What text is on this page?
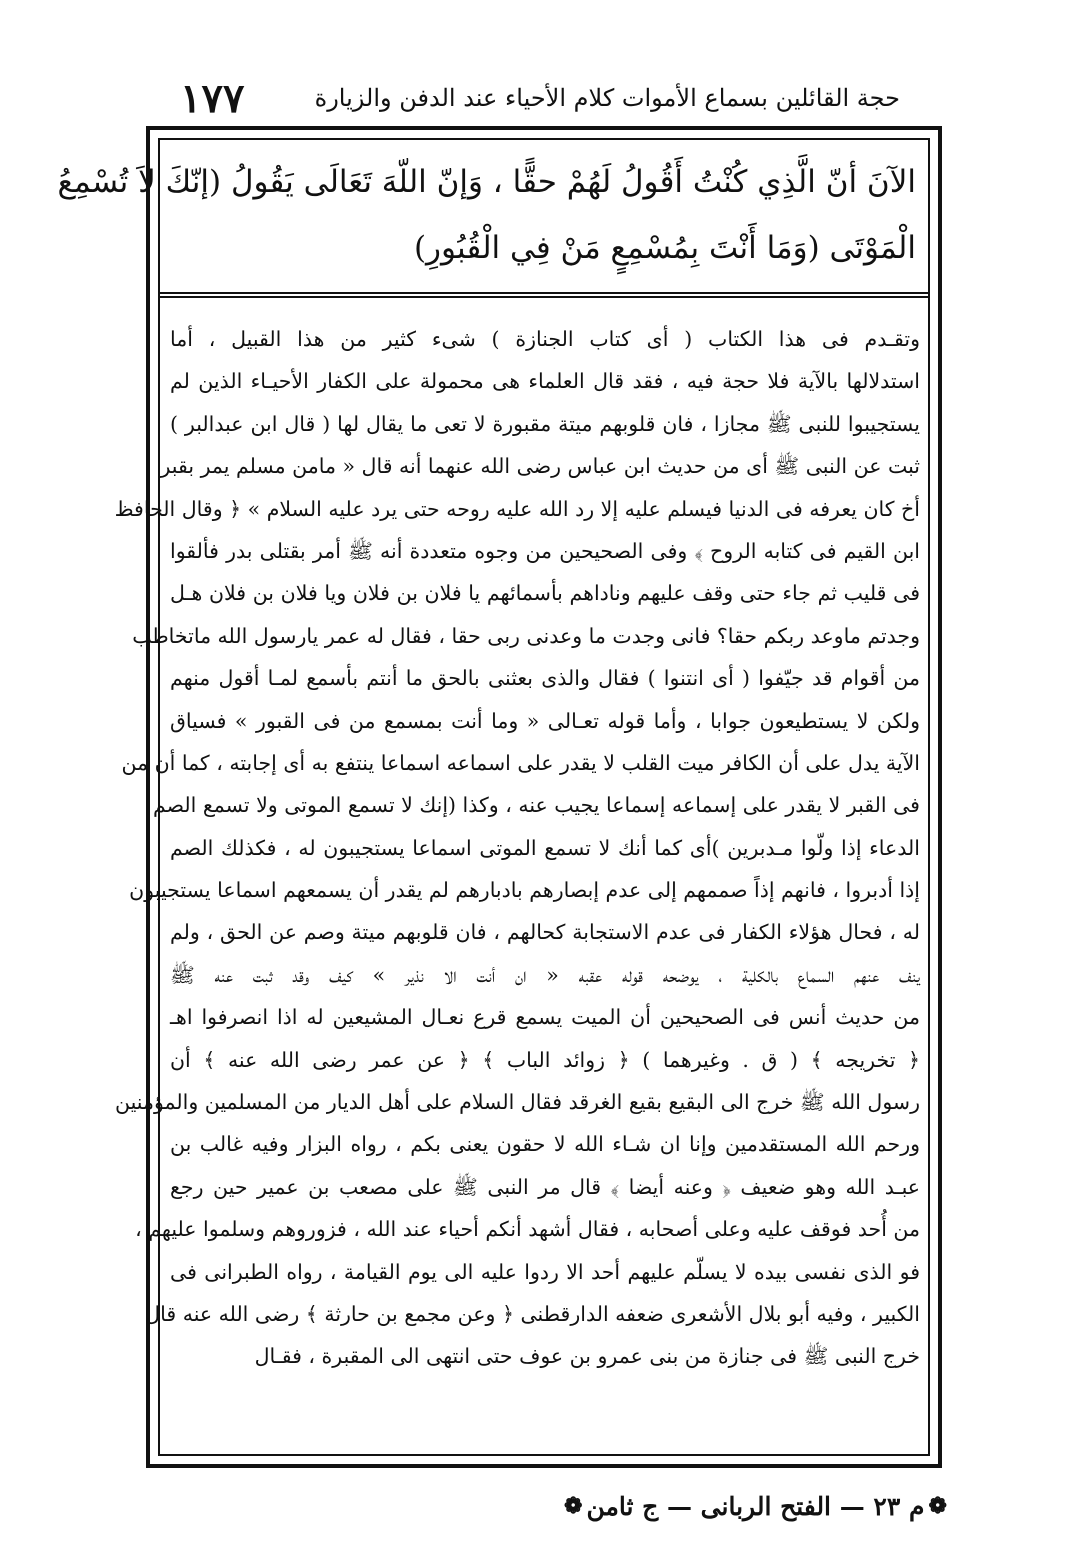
حجة القائلين بسماع الأموات كلام الأحياء عند الدفن والزيارة
١٧٧
الآنَ أنّ الَّذِي كُنْتُ أَقُولُ لَهُمْ حقًّا ، وَإنّ اللّهَ تَعَالَى يَقُولُ (إنّكَ لاَ تُسْمِعُ
الْمَوْتَى (وَمَا أَنْتَ بِمُسْمِعٍ مَنْ فِي الْقُبُورِ)
وتقـدم فى هذا الكتاب ( أى كتاب الجنازة ) شىء كثير من هذا القبيل ، أما
استدلالها بالآية فلا حجة فيه ، فقد قال العلماء هى محمولة على الكفار الأحيـاء الذين لم
يستجيبوا للنبى ﷺ مجازا ، فان قلوبهم ميتة مقبورة لا تعى ما يقال لها ( قال ابن عبدالبر )
ثبت عن النبى ﷺ أى من حديث ابن عباس رضى الله عنهما أنه قال « مامن مسلم يمر بقبر
أخ كان يعرفه فى الدنيا فيسلم عليه إلا رد الله عليه روحه حتى يرد عليه السلام » ﴿ وقال الحافظ
ابن القيم فى كتابه الروح ﴾ وفى الصحيحين من وجوه متعددة أنه ﷺ أمر بقتلى بدر فألقوا
فى قليب ثم جاء حتى وقف عليهم وناداهم بأسمائهم يا فلان بن فلان ويا فلان بن فلان هـل
وجدتم ماوعد ربكم حقا؟ فانى وجدت ما وعدنى ربى حقا ، فقال له عمر يارسول الله ماتخاطب
من أقوام قد جيّفوا ( أى انتنوا ) فقال والذى بعثنى بالحق ما أنتم بأسمع لمـا أقول منهم
ولكن لا يستطيعون جوابا ، وأما قوله تعـالى « وما أنت بمسمع من فى القبور » فسياق
الآية يدل على أن الكافر ميت القلب لا يقدر على اسماعه اسماعا ينتفع به أى إجابته ، كما أن من
فى القبر لا يقدر على إسماعه إسماعا يجيب عنه ، وكذا (إنك لا تسمع الموتى ولا تسمع الصم
الدعاء إذا ولّوا مـدبرين )أى كما أنك لا تسمع الموتى اسماعا يستجيبون له ، فكذلك الصم
إذا أدبروا ، فانهم إذاً صممهم إلى عدم إبصارهم بادبارهم لم يقدر أن يسمعهم اسماعا يستجيبون
له ، فحال هؤلاء الكفار فى عدم الاستجابة كحالهم ، فان قلوبهم ميتة وصم عن الحق ، ولم
ينف عنهم السماع بالكلية ، يوضحه قوله عقبه « ان أنت الا نذير » كيف وقد ثبت عنه ﷺ
من حديث أنس فى الصحيحين أن الميت يسمع قرع نعـال المشيعين له اذا انصرفوا اهـ
﴿ تخريجه ﴾ ( ق . وغيرهما ) ﴿ زوائد الباب ﴾ ﴿ عن عمر رضى الله عنه ﴾ أن
رسول الله ﷺ خرج الى البقيع بقيع الغرقد فقال السلام على أهل الديار من المسلمين والمؤمنين
ورحم الله المستقدمين وإنا ان شـاء الله لا حقون يعنى بكم ، رواه البزار وفيه غالب بن
عبـد الله وهو ضعيف ﴿ وعنه أيضا ﴾ قال مر النبى ﷺ على مصعب بن عمير حين رجع
من أُحد فوقف عليه وعلى أصحابه ، فقال أشهد أنكم أحياء عند الله ، فزوروهم وسلموا عليهم ،
فو الذى نفسى بيده لا يسلّم عليهم أحد الا ردوا عليه الى يوم القيامة ، رواه الطبرانى فى
الكبير ، وفيه أبو بلال الأشعرى ضعفه الدارقطنى ﴿ وعن مجمع بن حارثة ﴾ رضى الله عنه قال
خرج النبى ﷺ فى جنازة من بنى عمرو بن عوف حتى انتهى الى المقبرة ، فقـال
❁
م ٢٣ — الفتح الربانى — ج ثامن
❁
